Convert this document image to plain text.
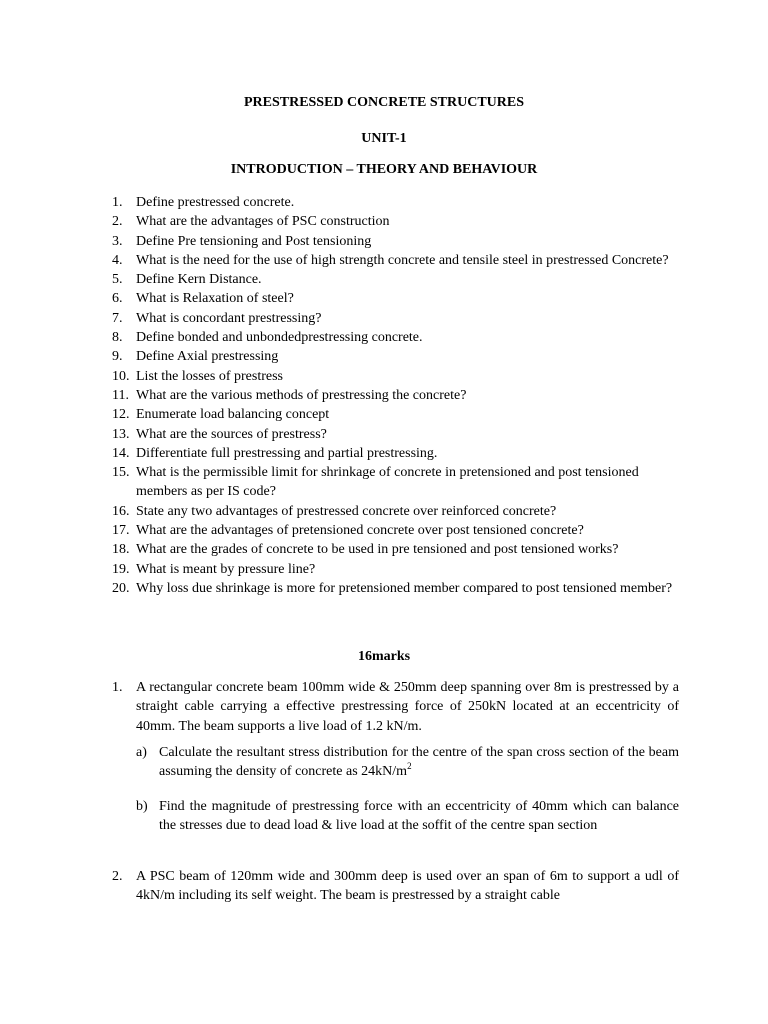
PRESTRESSED CONCRETE STRUCTURES
UNIT-1
INTRODUCTION – THEORY AND BEHAVIOUR
1. Define prestressed concrete.
2. What are the advantages of PSC construction
3. Define Pre tensioning and Post tensioning
4. What is the need for the use of high strength concrete and tensile steel in prestressed Concrete?
5. Define Kern Distance.
6. What is Relaxation of steel?
7. What is concordant prestressing?
8. Define bonded and unbondedprestressing concrete.
9. Define Axial prestressing
10. List the losses of prestress
11. What are the various methods of prestressing the concrete?
12. Enumerate load balancing concept
13. What are the sources of prestress?
14. Differentiate full prestressing and partial prestressing.
15. What is the permissible limit for shrinkage of concrete in pretensioned and post tensioned members as per IS code?
16. State any two advantages of prestressed concrete over reinforced concrete?
17. What are the advantages of pretensioned concrete over post tensioned concrete?
18. What are the grades of concrete to be used in pre tensioned and post tensioned works?
19. What is meant by pressure line?
20. Why loss due shrinkage is more for pretensioned member compared to post tensioned member?
16marks
1. A rectangular concrete beam 100mm wide & 250mm deep spanning over 8m is prestressed by a straight cable carrying a effective prestressing force of 250kN located at an eccentricity of 40mm. The beam supports a live load of 1.2 kN/m.
a) Calculate the resultant stress distribution for the centre of the span cross section of the beam assuming the density of concrete as $24kN/m^2$
b) Find the magnitude of prestressing force with an eccentricity of 40mm which can balance the stresses due to dead load & live load at the soffit of the centre span section
2. A PSC beam of 120mm wide and 300mm deep is used over an span of 6m to support a udl of 4kN/m including its self weight. The beam is prestressed by a straight cable
